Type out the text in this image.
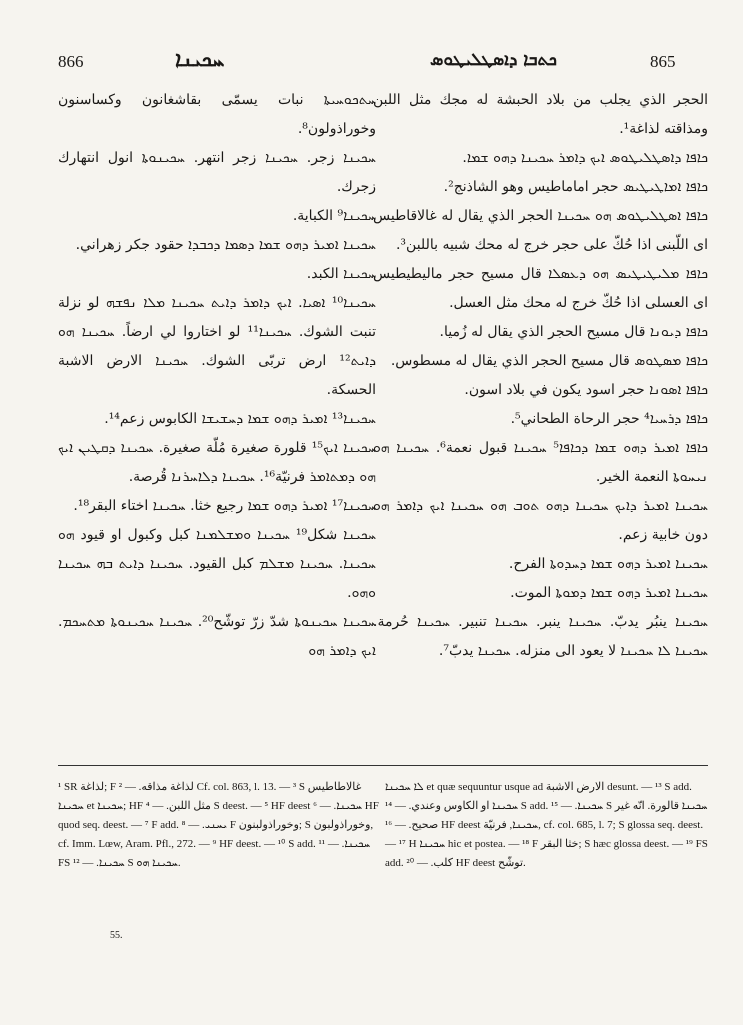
866	ܚܟܝܢܐ	ܟܬܒܐ ܕܐܣܛܠܝܛܘܣ	865

ܚܬܟܘܚܝܬܐ نبات يسمّى بقاشغانون وكساسنون وخوراذولون⁸.

ܚܟܝܢܐ زجر. ܚܟܝܢܐ زجر انتهر. ܚܟܝܢܘܬܐ انول انتهارك زجرك.

ܚܟܝܢܐ⁹ الكباية.

ܚܟܝܢܐ ܐܡܝܪ ܕܗܘ ܫܡܐ ܕܣܡܐ ܕܟܒܕܐ حقود جكر زهراني.

ܚܟܝܢܐ الكبد.

ܚܟܝܢܐ¹⁰ ܐܣܝܐ. ܐܝܟ ܕܐܡܪ ܕܐܝܬ ܚܟܝܢܐ ܡܠܐ ܢܦܫܗ لو نزلة تنبت الشوك. ܚܟܝܢܐ¹¹ لو اختاروا لي ارضاً. ܚܟܝܢܐ ܗܘ ܕܐܝܬ¹² ارض تربّى الشوك. ܚܟܝܢܐ الارض الاشبة الحسكة.

ܚܟܝܢܐ¹³ ܐܡܝܪ ܕܗܘ ܫܡܐ ܕܚܫܝܫܐ الكابوس زعم¹⁴.

ܚܟܝܢܐ ܐܝܟ¹⁵ قلورة صغيرة مُلّة صغيرة. ܚܟܝܢܐ ܕܩܛܝܢ ܐܝܟ ܗܘ ܕܡܬܐܡܪ فرنيّة¹⁶. ܚܟܝܢܐ ܕܠܐܚܪܢܐ قُرصة.

ܚܟܝܢܐ¹⁷ ܐܡܝܪ ܕܗܘ ܫܡܐ رجيع خثا. ܚܟܝܢܐ اختاء البقر¹⁸.

ܚܟܝܢܐ شكل¹⁹ ܚܟܝܢܐ ܘܡܫܠܡܢܐ كبل وكبول او قيود ܗܘ ܚܟܝܢܐ. ܚܟܝܢܐ ܡܫܠܡ كبل القيود. ܚܟܝܢܐ ܕܐܝܬ ܒܗ ܚܟܝܢܐ ܘܗܘ.

ܚܟܝܢܐ ܚܟܝܢܘܬܐ شدّ زرّ توشّح²⁰. ܚܟܝܢܐ ܚܟܝܢܘܬܐ ܡܬܚܟܡ. ܐܝܟ ܕܐܡܪ ܗܘ

الحجر الذي يجلب من بلاد الحبشة له مجك مثل اللبن ومذاقته لذاغة¹.

ܟܐܦܐ ܕܐܣܛܠܝܛܘܣ ܐܝܟ ܕܐܡܪ ܚܟܝܢܐ ܕܗܘ ܫܡܐ.

ܟܐܦܐ ܐܡܐܛܝܛܝܣ حجر اماماطيس وهو الشاذنج².

ܟܐܦܐ ܐܣܛܠܝܛܘܣ ܗܘ ܚܟܝܢܐ الحجر الذي يقال له غالاقاطيس اى اللّبنى اذا حُكّ على حجر خرج له محك شبيه باللبن³.

ܟܐܦܐ ܡܠܝܛܝܛܝܣ ܗܘ ܕܥܣܠܐ قال مسيح حجر ماليطيطيس اى العسلى اذا حُكّ خرج له محك مثل العسل.

ܟܐܦܐ ܕܝܘܢܐ قال مسيح الحجر الذي يقال له زُميا.

ܟܐܦܐ ܡܣܛܘܣ قال مسيح الحجر الذي يقال له مسطوس.

ܟܐܦܐ ܐܣܘܢܐ حجر اسود يكون في بلاد اسون.

ܟܐܦܐ ܕܪܚܝܐ⁴ حجر الرحاة الطحاني⁵.

ܟܐܦܐ ܐܡܝܪ ܕܗܘ ܫܡܐ ܕܟܐܦܐ⁵ ܚܟܝܢܐ قبول نعمة⁶. ܚܟܝܢܐ ܗܘ ܢܝܚܘܬܐ النعمة الخير.

ܚܟܝܢܐ ܐܡܝܪ ܕܐܝܟ ܚܟܝܢܐ ܕܗܘ ܬܘܒ ܗܘ ܚܟܝܢܐ ܐܝܟ ܕܐܡܪ ܗܘ دون خابية زعم.

ܚܟܝܢܐ ܐܡܝܪ ܕܗܘ ܫܡܐ ܕܚܕܘܬܐ الفرح.

ܚܟܝܢܐ ܐܡܝܪ ܕܗܘ ܫܡܐ ܕܡܘܬܐ الموت.

ܚܟܝܢܐ ينبُر يدبّ. ܚܟܝܢܐ ينبر. ܚܟܝܢܐ تنبير. ܚܟܝܢܐ حُرمة. ܚܟܝܢܐ ܠܐ ܚܟܝܢܐ لا يعود الى منزله. ܚܟܝܢܐ يدبّ⁷.

¹ SR لذاغة; F لذاغة مذاقه. — ² Cf. col. 863, l. 13. — ³ S غالاطاطيس ܚܟܝܢܐ et ܚܟܝܢܐ; HF مثل اللبن. — ⁴ S deest. — ⁵ HF deest ܚܟܝܢܐ. — ⁶ HF quod seq. deest. — ⁷ F add. ܝܚܢܝ. — ⁸ F وخوراذولبنون; S وخوراذولبون, cf. Imm. Lœw, Aram. Pfl., 272. — ⁹ HF deest. — ¹⁰ S add. ܚܟܝܢܐ. — ¹¹ FS ܚܟܝܢܐ. — ¹² S ܚܟܝܢܐ ܗܘ.

ܠܐ ܚܟܝܢܐ et quæ sequuntur usque ad الارض الاشبة desunt. — ¹³ S add. ܚܟܝܢܐ او الكاوس وعندي. — ¹⁴ S add. ܚܟܝܢܐ. — ¹⁵ S ܚܟܝܢܐ قالورة. انّه غير صحيح. — ¹⁶ HF deest ܚܟܝܢܐ, فرنيّة, cf. col. 685, l. 7; S glossa seq. deest. — ¹⁷ H ܚܟܝܢܐ hic et postea. — ¹⁸ F خثا البقر; S hæc glossa deest. — ¹⁹ FS add. كلب. — ²⁰ HF deest توشّح.

55.
